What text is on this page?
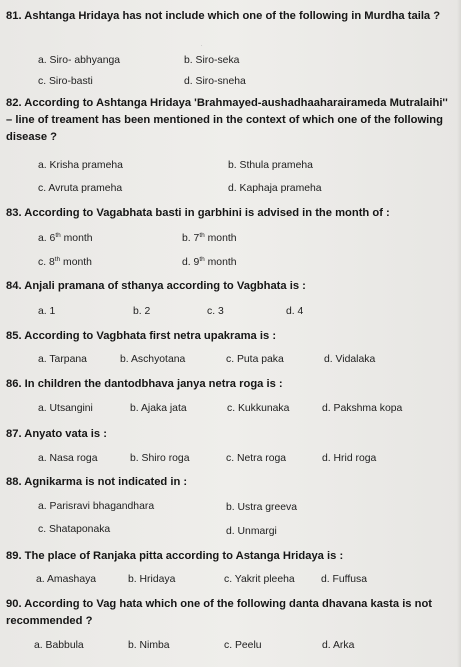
·
81. Ashtanga Hridaya has not include which one of the following in Murdha taila ?
a. Siro- abhyanga	b. Siro-seka
c. Siro-basti	d. Siro-sneha
82. According to Ashtanga Hridaya 'Brahmayed-aushadhaaharairameda Mutralaihi'' – line of treament has been mentioned in the context of which one of the following disease ?
a. Krisha prameha	b. Sthula prameha
c. Avruta prameha	d. Kaphaja prameha
83. According to Vagabhata basti in garbhini is advised in the month of :
a. 6th month	b. 7th month
c. 8th month	d. 9th month
84. Anjali pramana of sthanya according to Vagbhata is :
a. 1	b. 2	c. 3	d. 4
85. According to Vagbhata first netra upakrama is :
a. Tarpana	b. Aschyotana	c. Puta paka	d. Vidalaka
86. In children the dantodbhava janya netra roga is :
a. Utsangini	b. Ajaka jata	c. Kukkunaka	d. Pakshma kopa
87. Anyato vata is :
a. Nasa roga	b. Shiro roga	c. Netra roga	d. Hrid roga
88. Agnikarma is not indicated in :
a. Parisravi bhagandhara	b. Ustra greeva
c. Shataponaka	d. Unmargi
89. The place of Ranjaka pitta according to Astanga Hridaya is :
a. Amashaya	b. Hridaya	c. Yakrit pleeha	d. Fuffusa
90. According to Vag hata which one of the following danta dhavana kasta is not recommended ?
a. Babbula	b. Nimba	c. Peelu	d. Arka
